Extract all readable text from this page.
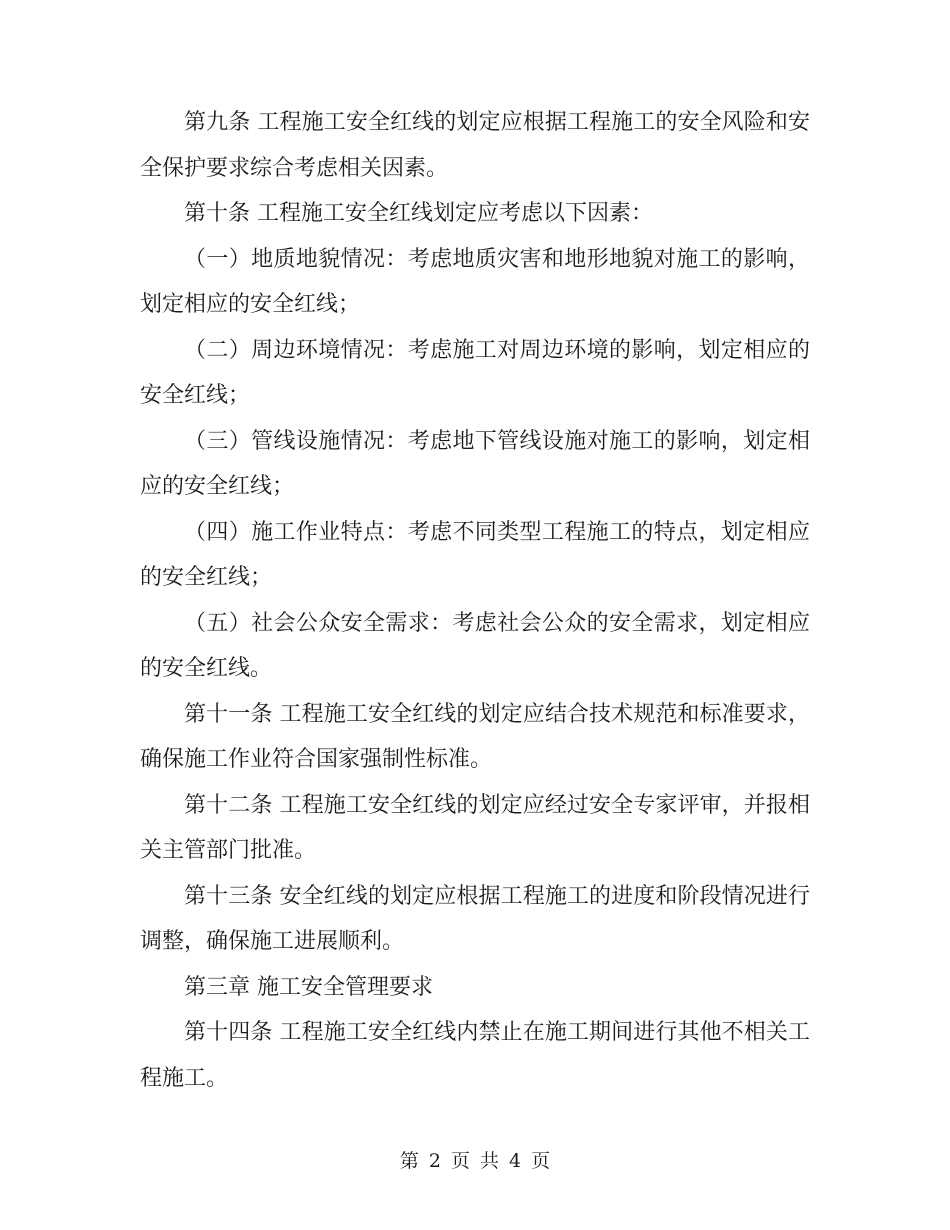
第九条 工程施工安全红线的划定应根据工程施工的安全风险和安全保护要求综合考虑相关因素。

第十条 工程施工安全红线划定应考虑以下因素：

（一）地质地貌情况：考虑地质灾害和地形地貌对施工的影响，划定相应的安全红线；

（二）周边环境情况：考虑施工对周边环境的影响，划定相应的安全红线；

（三）管线设施情况：考虑地下管线设施对施工的影响，划定相应的安全红线；

（四）施工作业特点：考虑不同类型工程施工的特点，划定相应的安全红线；

（五）社会公众安全需求：考虑社会公众的安全需求，划定相应的安全红线。

第十一条 工程施工安全红线的划定应结合技术规范和标准要求，确保施工作业符合国家强制性标准。

第十二条 工程施工安全红线的划定应经过安全专家评审，并报相关主管部门批准。

第十三条 安全红线的划定应根据工程施工的进度和阶段情况进行调整，确保施工进展顺利。

第三章 施工安全管理要求

第十四条 工程施工安全红线内禁止在施工期间进行其他不相关工程施工。

第 2 页 共 4 页
